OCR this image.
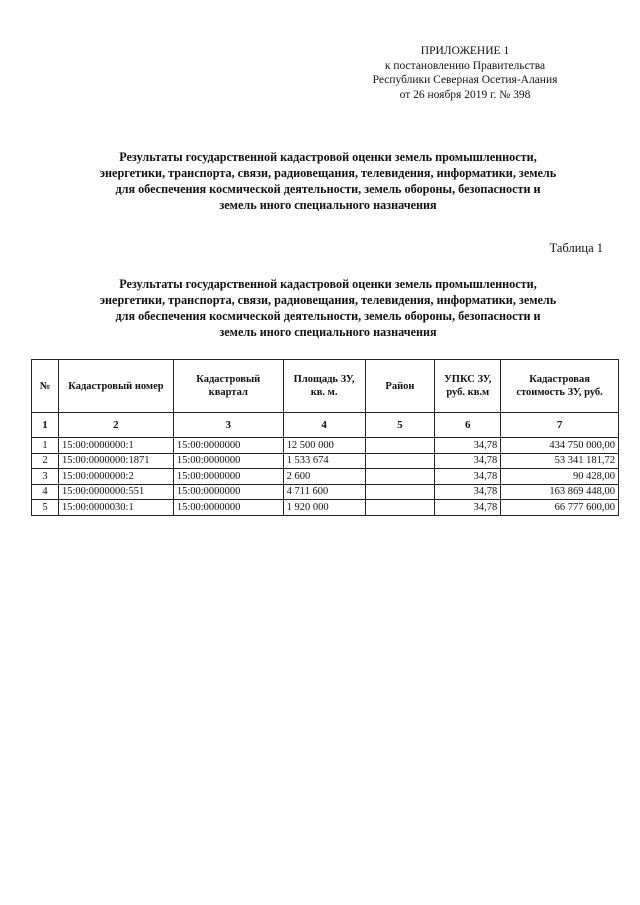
ПРИЛОЖЕНИЕ 1
к постановлению Правительства
Республики Северная Осетия-Алания
от 26 ноября 2019 г. № 398
Результаты государственной кадастровой оценки земель промышленности,
энергетики, транспорта, связи, радиовещания, телевидения, информатики, земель
для обеспечения космической деятельности, земель обороны, безопасности и
земель иного специального назначения
Таблица 1
Результаты государственной кадастровой оценки земель промышленности,
энергетики, транспорта, связи, радиовещания, телевидения, информатики, земель
для обеспечения космической деятельности, земель обороны, безопасности и
земель иного специального назначения
№	Кадастровый номер	Кадастровый квартал	Площадь ЗУ, кв. м.	Район	УПКС ЗУ, руб. кв.м	Кадастровая стоимость ЗУ, руб.
1	2	3	4	5	6	7
1	15:00:0000000:1	15:00:0000000	12 500 000		34,78	434 750 000,00
2	15:00:0000000:1871	15:00:0000000	1 533 674		34,78	53 341 181,72
3	15:00:0000000:2	15:00:0000000	2 600		34,78	90 428,00
4	15:00:0000000:551	15:00:0000000	4 711 600		34,78	163 869 448,00
5	15:00:0000030:1	15:00:0000000	1 920 000		34,78	66 777 600,00
